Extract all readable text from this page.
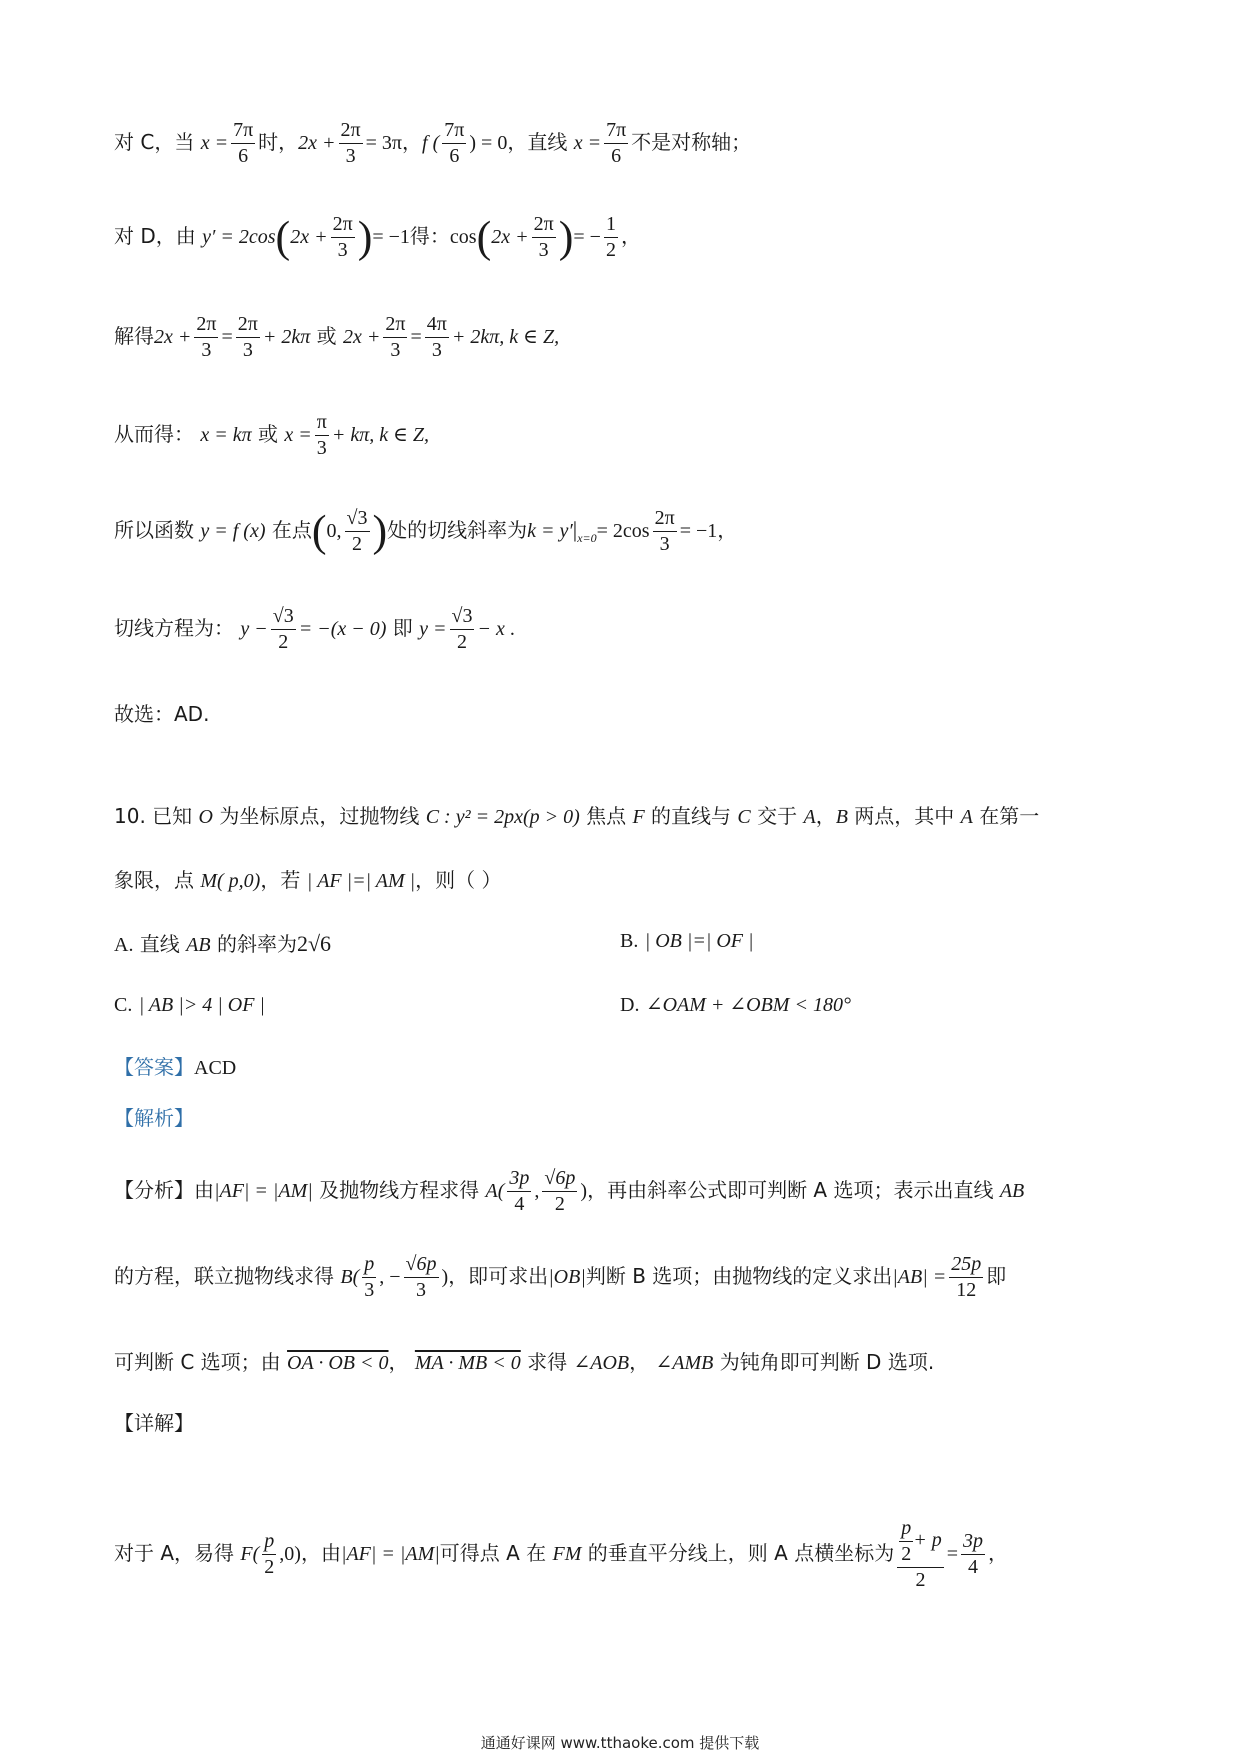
对 C，当 $x = \frac{7\pi}{6}$ 时，$2x + \frac{2\pi}{3} = 3\pi$，f ( $\frac{7\pi}{6}$ ) = 0，直线 $x = \frac{7\pi}{6}$ 不是对称轴；
对 D，由 $y' = 2\cos(2x + \frac{2\pi}{3}$ )= −1得：$\cos(2x + \frac{2\pi}{3}$ )= − $\frac{1}{2}$ ，
解得$2x + \frac{2\pi}{3} = \frac{2\pi}{3} + 2k\pi$ 或 $2x + \frac{2\pi}{3} = \frac{4\pi}{3} + 2k\pi$, k ∈ Z,
从而得： x = kπ 或 $x = \frac{\pi}{3} + k\pi$, k ∈ Z,
所以函数 y = f (x) 在点(0, $\frac{√3}{2}$ )处的切线斜率为$k = y'|_{x=0}= 2\cos \frac{2\pi}{3} = -1$，
切线方程为： $y - \frac{√3}{2} = -(x - 0)$ 即 $y = \frac{√3}{2} - x$ .
故选：AD.
10. 已知 O 为坐标原点，过抛物线 C : y² = 2px(p > 0) 焦点 F 的直线与 C 交于 A，B 两点，其中 A 在第一
象限，点 M( p,0)，若 | AF |=| AM |，则（ ）
A. 直线 AB 的斜率为2√6	B. | OB |=| OF |
C. | AB |> 4 | OF |	D. ∠OAM + ∠OBM < 180°
【答案】ACD
【解析】
【分析】由|AF| = |AM| 及抛物线方程求得 $A( \frac{3p}{4}$ , $\frac{√6p}{2}$ )，再由斜率公式即可判断 A 选项；表示出直线 AB
的方程，联立抛物线求得 $B( \frac{p}{3}$ , − $\frac{√6p}{3}$ )，即可求出|OB|判断 B 选项；由抛物线的定义求出$|AB| = \frac{25p}{12}$ 即
可判断 C 选项；由 OA · OB < 0， MA · MB < 0 求得 ∠AOB， ∠AMB 为钝角即可判断 D 选项.
【详解】
对于 A，易得 $F( \frac{p}{2} ,0)$，由|AF| = |AM|可得点 A 在 FM 的垂直平分线上，则 A 点横坐标为 $\frac{\frac{p}{2} + p}{2} = \frac{3p}{4}$ ，
通通好课网 www.tthaoke.com 提供下载
